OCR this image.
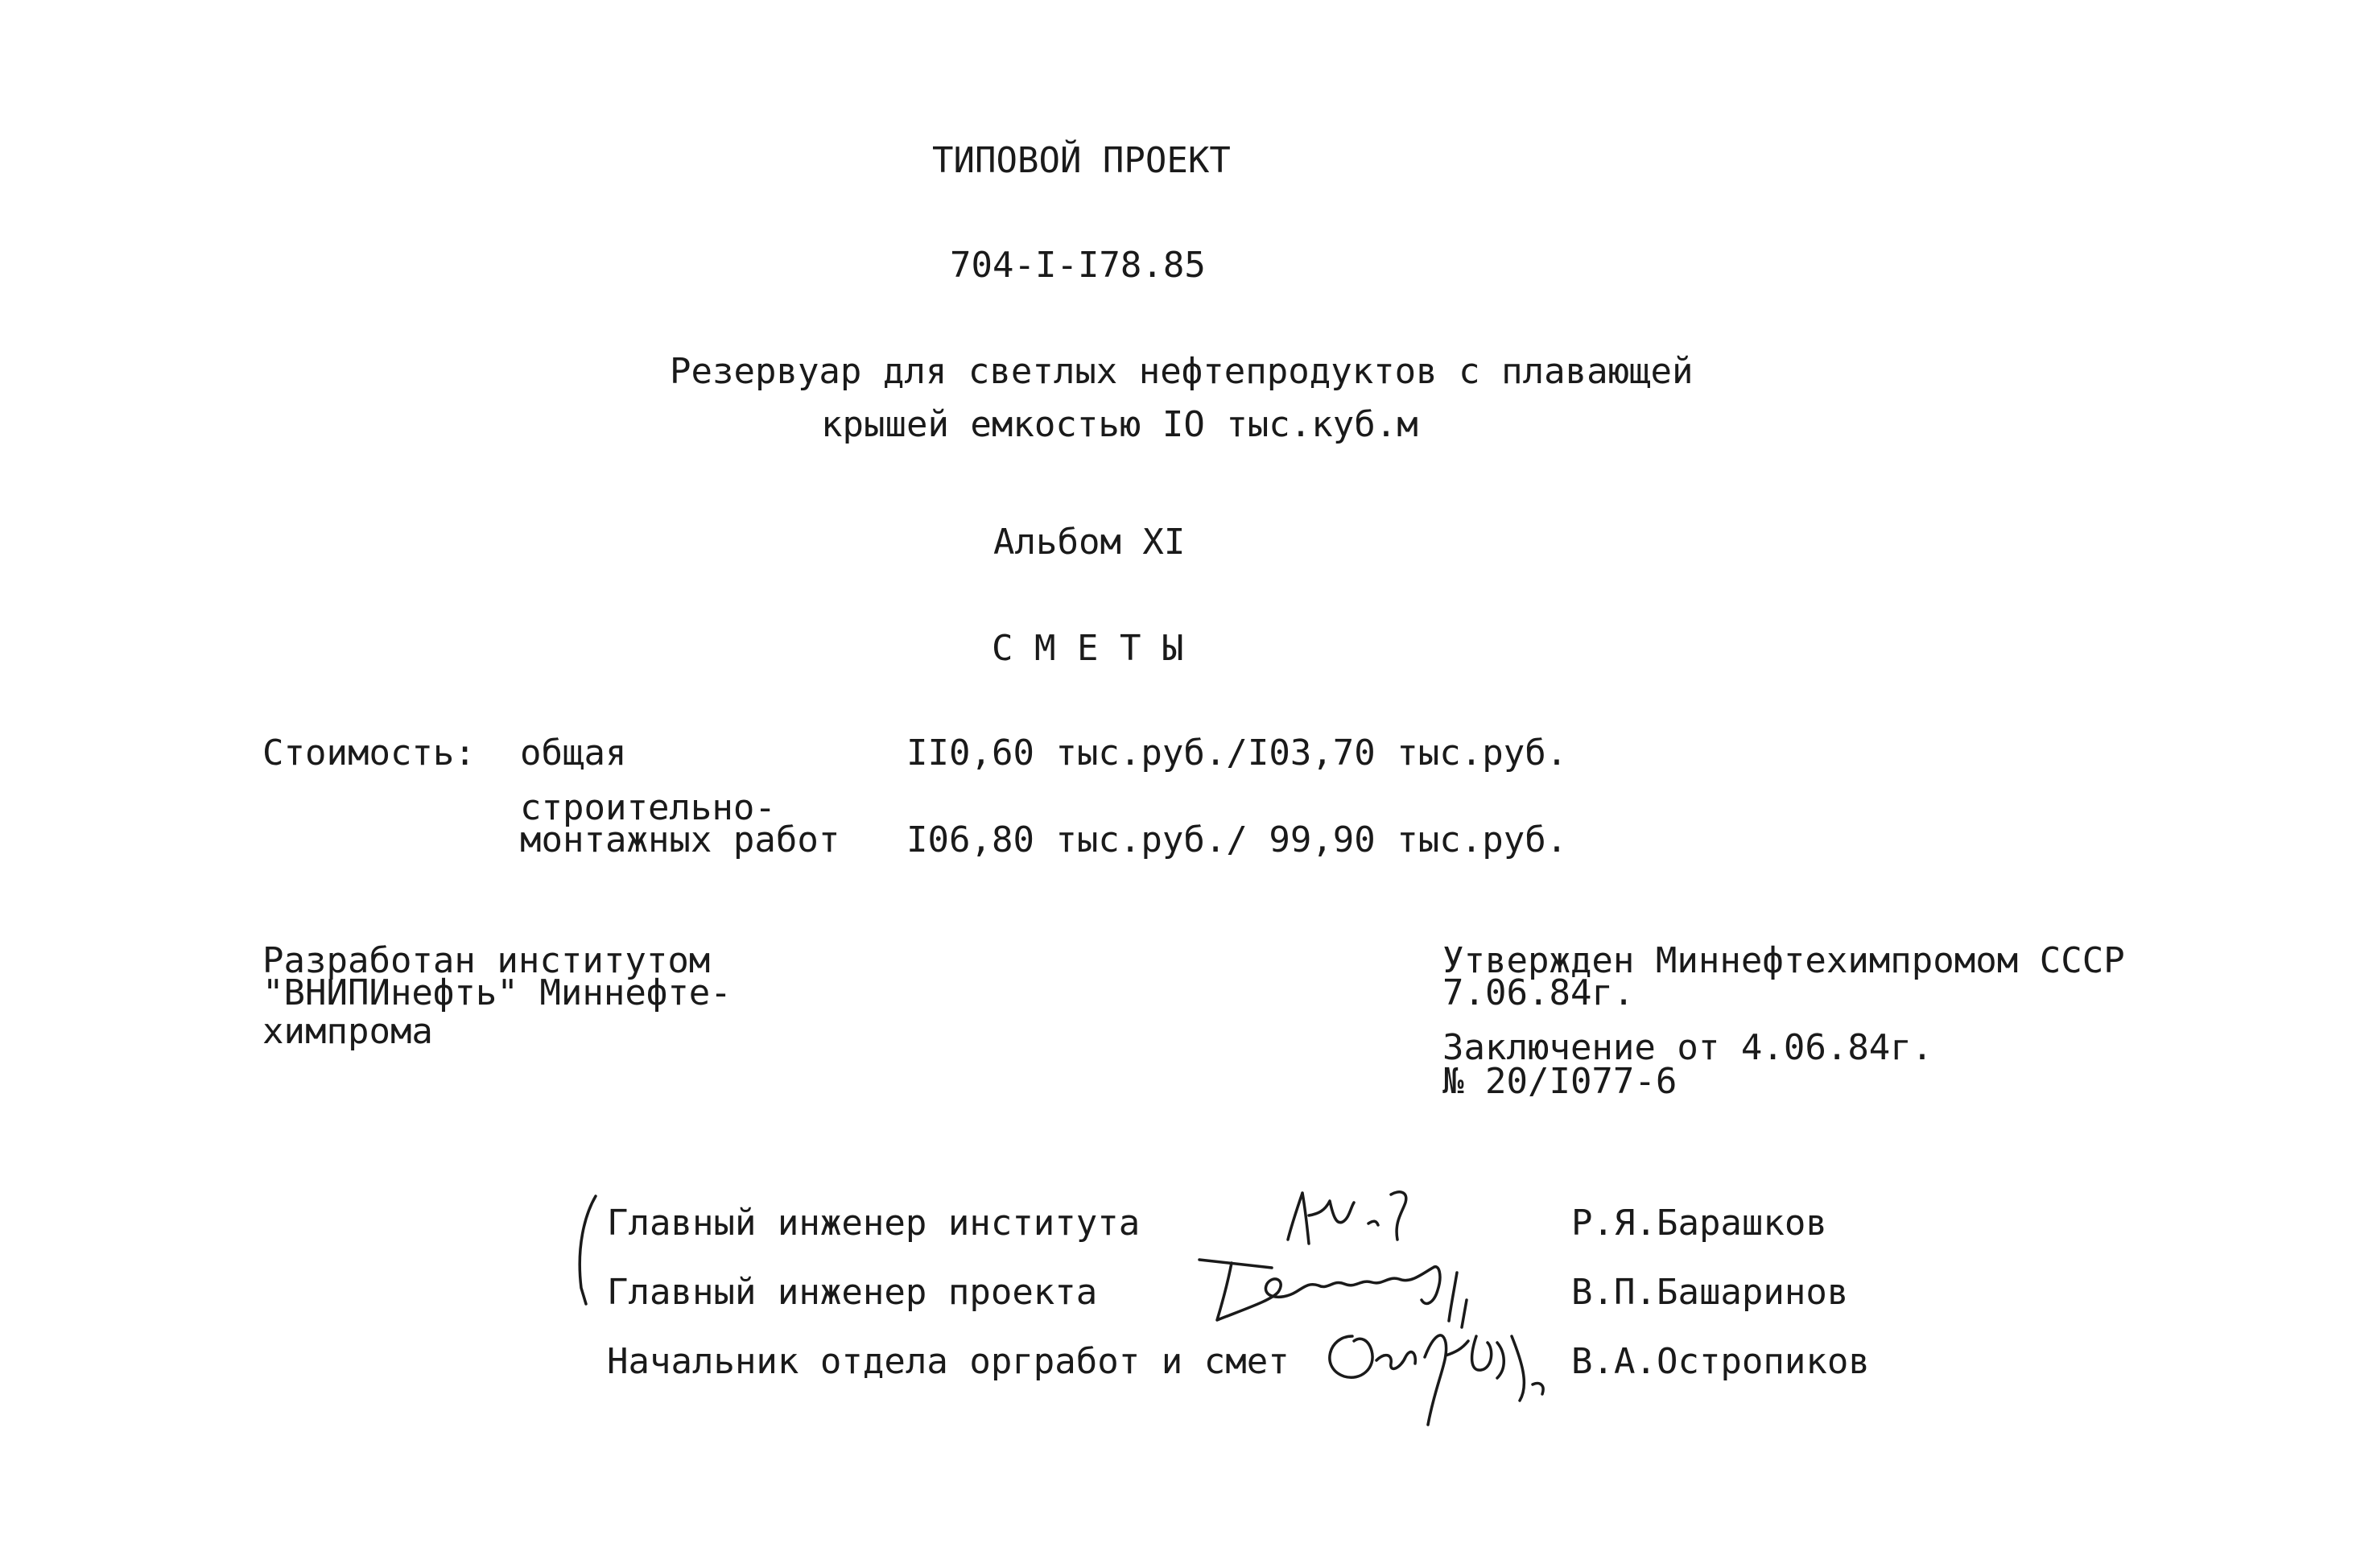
ТИПОВОЙ ПРОЕКТ
704-I-I78.85
Резервуар для светлых нефтепродуктов с плавающей
крышей емкостью IO тыс.куб.м
Альбом XI
С М Е Т Ы
Стоимость: общая	II0,60 тыс.руб./I03,70 тыс.руб.
строительно-
монтажных работ I06,80 тыс.руб./ 99,90 тыс.руб.
Разработан институтом
"ВНИПИнефть" Миннефте-
химпрома
Утвержден Миннефтехимпромом СССР
7.06.84г.
Заключение от 4.06.84г.
№ 20/I077-6
Главный инженер института	Р.Я.Барашков
Главный инженер проекта	В.П.Башаринов
Начальник отдела оргработ и смет	В.А.Остропиков
